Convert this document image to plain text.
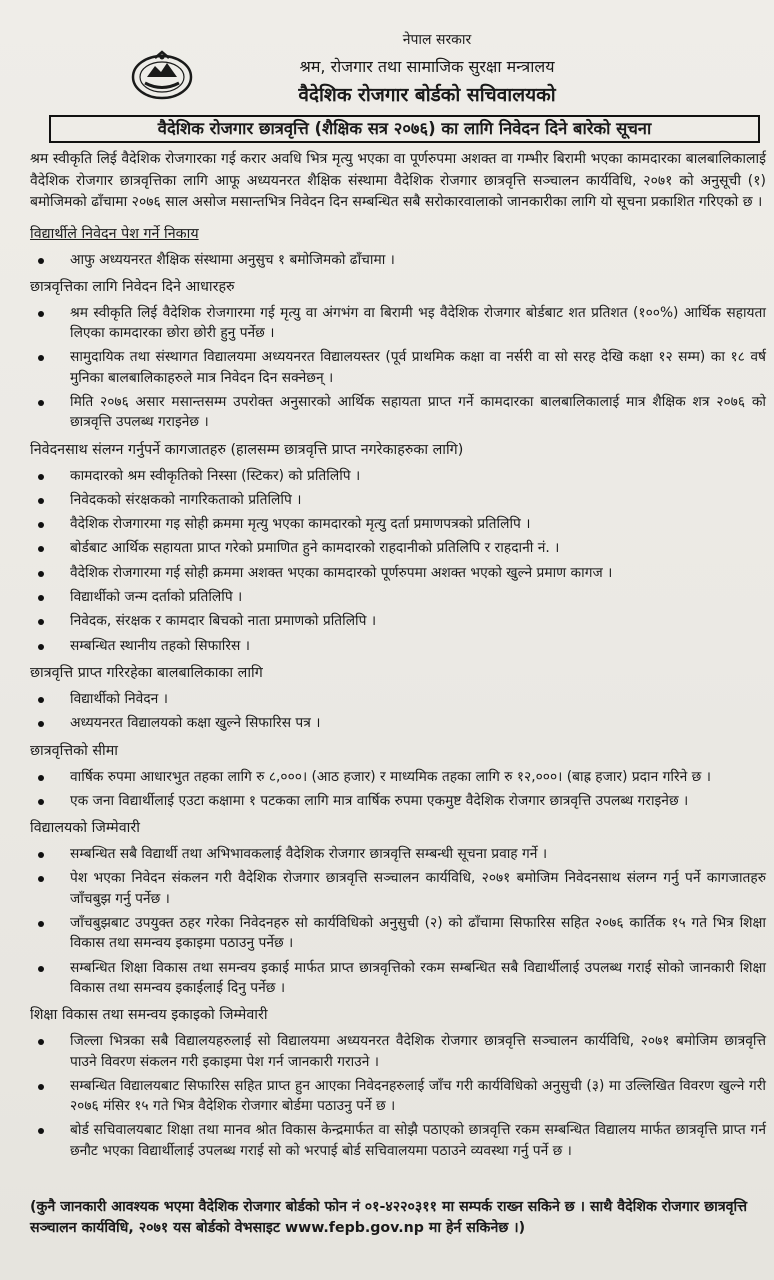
नेपाल सरकार
श्रम, रोजगार तथा सामाजिक सुरक्षा मन्त्रालय
वैदेशिक रोजगार बोर्डको सचिवालयको
वैदेशिक रोजगार छात्रवृत्ति (शैक्षिक सत्र २०७६) का लागि निवेदन दिने बारेको सूचना

श्रम स्वीकृति लिई वैदेशिक रोजगारका गई करार अवधि भित्र मृत्यु भएका वा पूर्णरुपमा अशक्त वा गम्भीर बिरामी भएका कामदारका बालबालिकालाई वैदेशिक रोजगार छात्रवृत्तिका लागि आफू अध्ययनरत शैक्षिक संस्थामा वैदेशिक रोजगार छात्रवृत्ति सञ्चालन कार्यविधि, २०७१ को अनुसूची (१) बमोजिमको ढाँचामा २०७६ साल असोज मसान्तभित्र निवेदन दिन सम्बन्धित सबै सरोकारवालाको जानकारीका लागि यो सूचना प्रकाशित गरिएको छ ।

विद्यार्थीले निवेदन पेश गर्ने निकाय
आफु अध्ययनरत शैक्षिक संस्थामा अनुसुच १ बमोजिमको ढाँचामा ।
छात्रवृत्तिका लागि निवेदन दिने आधारहरु
श्रम स्वीकृति लिई वैदेशिक रोजगारमा गई मृत्यु वा अंगभंग वा बिरामी भइ वैदेशिक रोजगार बोर्डबाट शत प्रतिशत (१००%) आर्थिक सहायता लिएका कामदारका छोरा छोरी हुनु पर्नेछ ।
सामुदायिक तथा संस्थागत विद्यालयमा अध्ययनरत विद्यालयस्तर (पूर्व प्राथमिक कक्षा वा नर्सरी वा सो सरह देखि कक्षा १२ सम्म) का १८ वर्ष मुनिका बालबालिकाहरुले मात्र निवेदन दिन सक्नेछन् ।
मिति २०७६ असार मसान्तसम्म उपरोक्त अनुसारको आर्थिक सहायता प्राप्त गर्ने कामदारका बालबालिकालाई मात्र शैक्षिक शत्र २०७६ को छात्रवृत्ति उपलब्ध गराइनेछ ।
निवेदनसाथ संलग्न गर्नुपर्ने कागजातहरु (हालसम्म छात्रवृत्ति प्राप्त नगरेकाहरुका लागि)
कामदारको श्रम स्वीकृतिको निस्सा (स्टिकर) को प्रतिलिपि ।
निवेदकको संरक्षकको नागरिकताको प्रतिलिपि ।
वैदेशिक रोजगारमा गइ सोही क्रममा मृत्यु भएका कामदारको मृत्यु दर्ता प्रमाणपत्रको प्रतिलिपि ।
बोर्डबाट आर्थिक सहायता प्राप्त गरेको प्रमाणित हुने कामदारको राहदानीको प्रतिलिपि र राहदानी नं. ।
वैदेशिक रोजगारमा गई सोही क्रममा अशक्त भएका कामदारको पूर्णरुपमा अशक्त भएको खुल्ने प्रमाण कागज ।
विद्यार्थीको जन्म दर्ताको प्रतिलिपि ।
निवेदक, संरक्षक र कामदार बिचको नाता प्रमाणको प्रतिलिपि ।
सम्बन्धित स्थानीय तहको सिफारिस ।
छात्रवृत्ति प्राप्त गरिरहेका बालबालिकाका लागि
विद्यार्थीको निवेदन ।
अध्ययनरत विद्यालयको कक्षा खुल्ने सिफारिस पत्र ।
छात्रवृत्तिको सीमा
वार्षिक रुपमा आधारभुत तहका लागि रु ८,०००। (आठ हजार) र माध्यमिक तहका लागि रु १२,०००। (बाह्र हजार) प्रदान गरिने छ ।
एक जना विद्यार्थीलाई एउटा कक्षामा १ पटकका लागि मात्र वार्षिक रुपमा एकमुष्ट वैदेशिक रोजगार छात्रवृत्ति उपलब्ध गराइनेछ ।
विद्यालयको जिम्मेवारी
सम्बन्धित सबै विद्यार्थी तथा अभिभावकलाई वैदेशिक रोजगार छात्रवृत्ति सम्बन्धी सूचना प्रवाह गर्ने ।
पेश भएका निवेदन संकलन गरी वैदेशिक रोजगार छात्रवृत्ति सञ्चालन कार्यविधि, २०७१ बमोजिम निवेदनसाथ संलग्न गर्नु पर्ने कागजातहरु जाँचबुझ गर्नु पर्नेछ ।
जाँचबुझबाट उपयुक्त ठहर गरेका निवेदनहरु सो कार्यविधिको अनुसुची (२) को ढाँचामा सिफारिस सहित २०७६ कार्तिक १५ गते भित्र शिक्षा विकास तथा समन्वय इकाइमा पठाउनु पर्नेछ ।
सम्बन्धित शिक्षा विकास तथा समन्वय इकाई मार्फत प्राप्त छात्रवृत्तिको रकम सम्बन्धित सबै विद्यार्थीलाई उपलब्ध गराई सोको जानकारी शिक्षा विकास तथा समन्वय इकाईलाई दिनु पर्नेछ ।
शिक्षा विकास तथा समन्वय इकाइको जिम्मेवारी
जिल्ला भित्रका सबै विद्यालयहरुलाई सो विद्यालयमा अध्ययनरत वैदेशिक रोजगार छात्रवृत्ति सञ्चालन कार्यविधि, २०७१ बमोजिम छात्रवृत्ति पाउने विवरण संकलन गरी इकाइमा पेश गर्न जानकारी गराउने ।
सम्बन्धित विद्यालयबाट सिफारिस सहित प्राप्त हुन आएका निवेदनहरुलाई जाँच गरी कार्यविधिको अनुसुची (३) मा उल्लिखित विवरण खुल्ने गरी २०७६ मंसिर १५ गते भित्र वैदेशिक रोजगार बोर्डमा पठाउनु पर्ने छ ।
बोर्ड सचिवालयबाट शिक्षा तथा मानव श्रोत विकास केन्द्रमार्फत वा सोझै पठाएको छात्रवृत्ति रकम सम्बन्धित विद्यालय मार्फत छात्रवृत्ति प्राप्त गर्न छनौट भएका विद्यार्थीलाई उपलब्ध गराई सो को भरपाई बोर्ड सचिवालयमा पठाउने व्यवस्था गर्नु पर्ने छ ।
(कुनै जानकारी आवश्यक भएमा वैदेशिक रोजगार बोर्डको फोन नं ०१-४२२०३११ मा सम्पर्क राख्न सकिने छ । साथै वैदेशिक रोजगार छात्रवृत्ति सञ्चालन कार्यविधि, २०७१ यस बोर्डको वेभसाइट www.fepb.gov.np मा हेर्न सकिनेछ ।)
